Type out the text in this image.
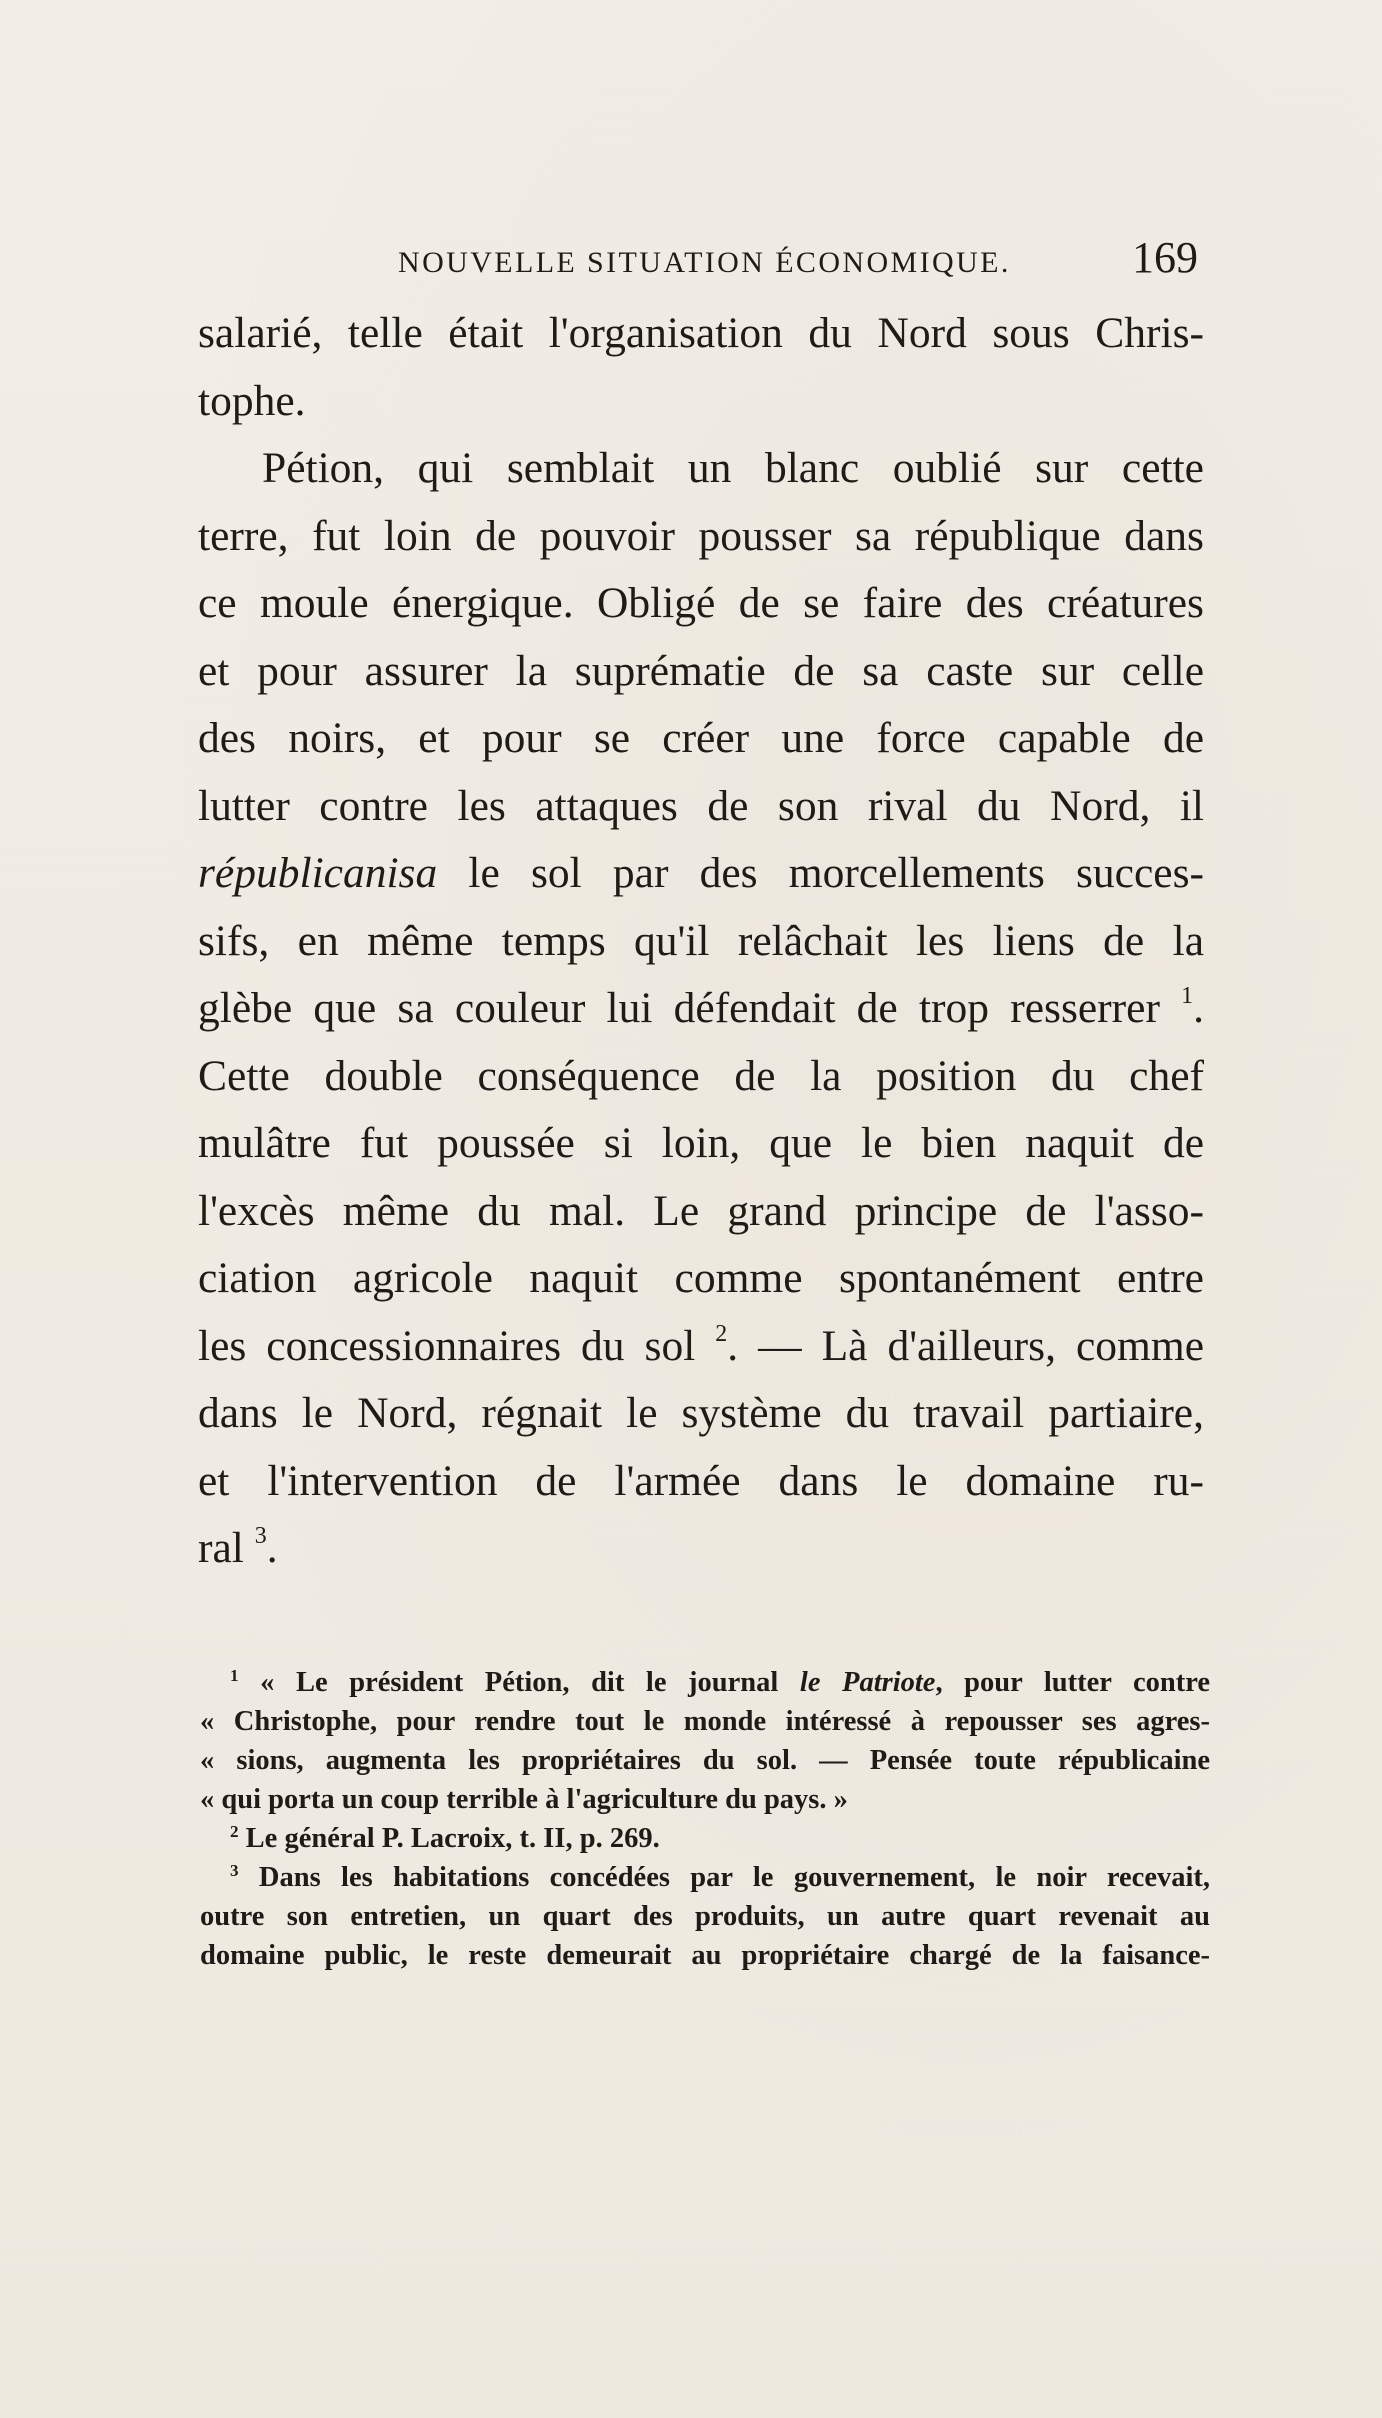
NOUVELLE SITUATION ÉCONOMIQUE.	169
salarié, telle était l'organisation du Nord sous Chris-
tophe.
Pétion, qui semblait un blanc oublié sur cette
terre, fut loin de pouvoir pousser sa république dans
ce moule énergique. Obligé de se faire des créatures
et pour assurer la suprématie de sa caste sur celle
des noirs, et pour se créer une force capable de
lutter contre les attaques de son rival du Nord, il
républicanisa le sol par des morcellements succes-
sifs, en même temps qu'il relâchait les liens de la
glèbe que sa couleur lui défendait de trop resserrer $^1$.
Cette double conséquence de la position du chef
mulâtre fut poussée si loin, que le bien naquit de
l'excès même du mal. Le grand principe de l'asso-
ciation agricole naquit comme spontanément entre
les concessionnaires du sol $^2$. — Là d'ailleurs, comme
dans le Nord, régnait le système du travail partiaire,
et l'intervention de l'armée dans le domaine ru-
ral $^3$.
$^1$ « Le président Pétion, dit le journal le Patriote, pour lutter contre
« Christophe, pour rendre tout le monde intéressé à repousser ses agres-
« sions, augmenta les propriétaires du sol. — Pensée toute républicaine
« qui porta un coup terrible à l'agriculture du pays. »
$^2$ Le général P. Lacroix, t. II, p. 269.
$^3$ Dans les habitations concédées par le gouvernement, le noir recevait,
outre son entretien, un quart des produits, un autre quart revenait au
domaine public, le reste demeurait au propriétaire chargé de la faisance-
